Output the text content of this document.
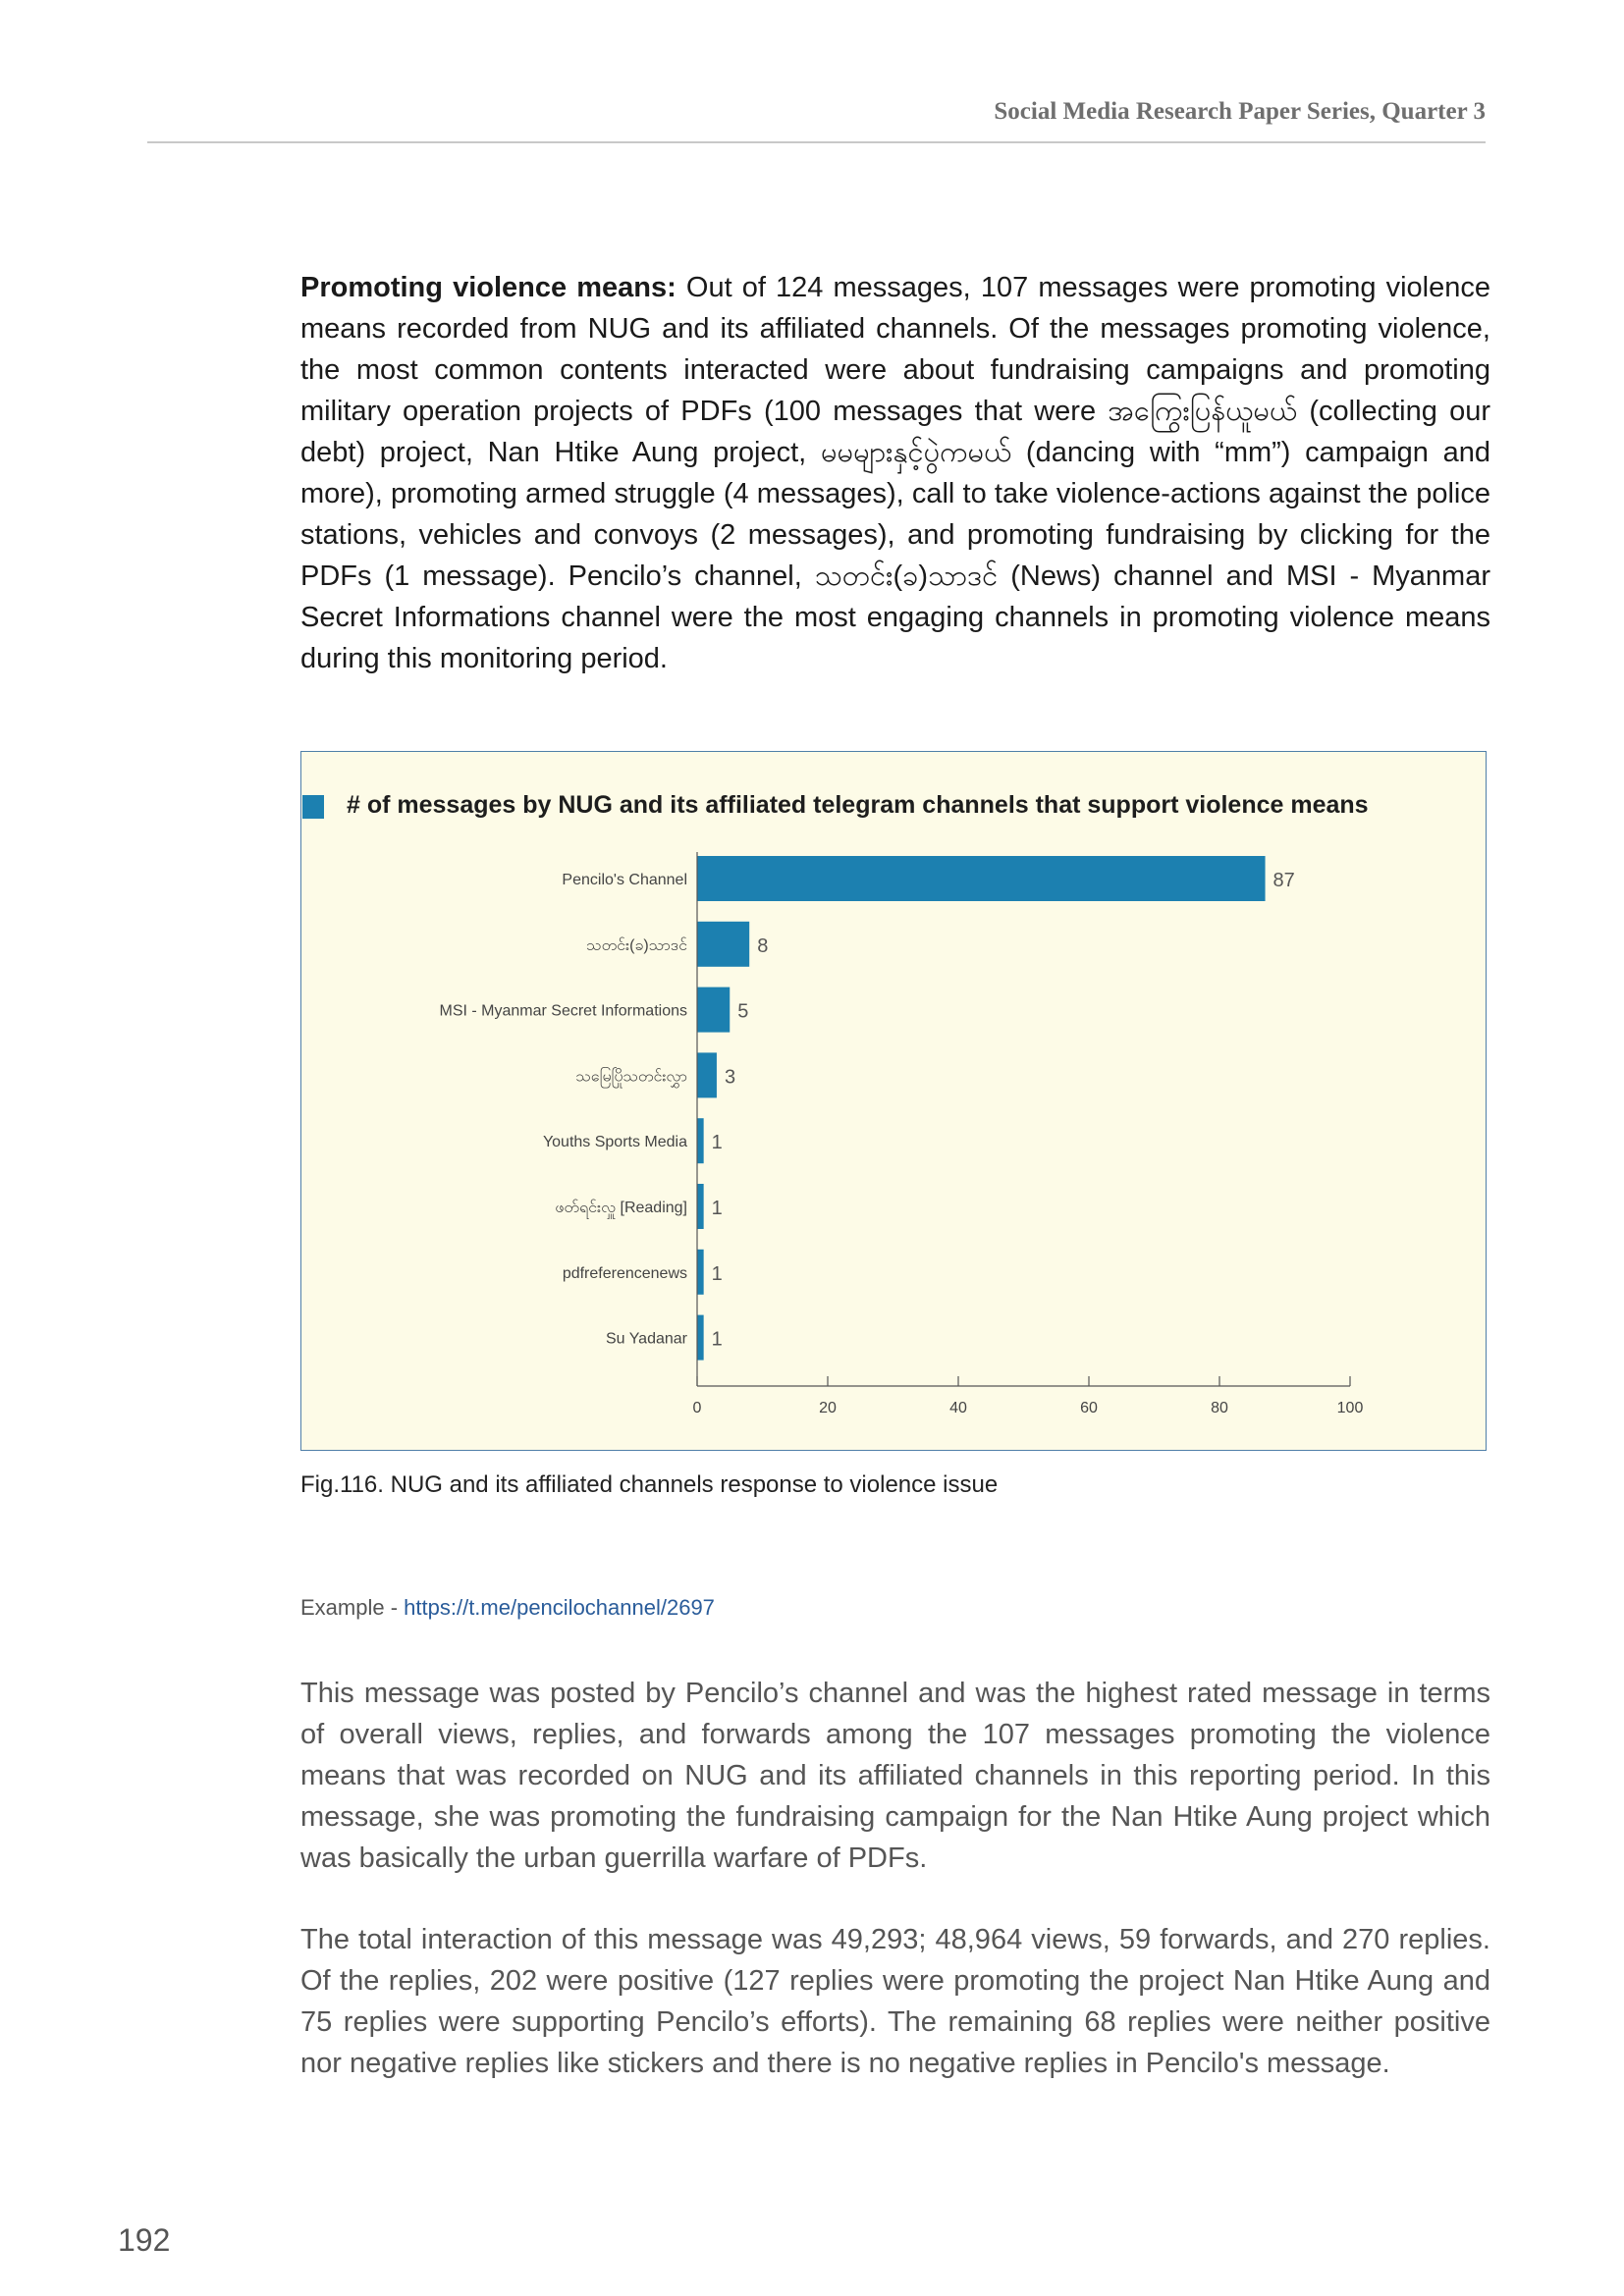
Social Media Research Paper Series, Quarter 3

Promoting violence means: Out of 124 messages, 107 messages were promoting violence means recorded from NUG and its affiliated channels. Of the messages promoting violence, the most common contents interacted were about fundraising campaigns and promoting military operation projects of PDFs (100 messages that were အကြွေးပြန်ယူမယ် (collecting our debt) project, Nan Htike Aung project, မမများနှင့်ပွဲကမယ် (dancing with “mm”) campaign and more), promoting armed struggle (4 messages), call to take violence-actions against the police stations, vehicles and convoys (2 messages), and promoting fundraising by clicking for the PDFs (1 message). Pencilo’s channel, သတင်း(ခ)သာဒင် (News) channel and MSI - Myanmar Secret Informations channel were the most engaging channels in promoting violence means during this monitoring period.

# of messages by NUG and its affiliated telegram channels that support violence means
Pencilo's Channel	87
သတင်း(ခ)သာဒင်	8
MSI - Myanmar Secret Informations	5
သမြေပြိုသတင်းလွှာ 3
Youths Sports Media 1
ဖတ်ရင်းလှူ [Reading] 1
pdfreferencenews 1
Su Yadanar 1
0	20	40	60	80	100
Fig.116. NUG and its affiliated channels response to violence issue
Example - https://t.me/pencilochannel/2697

This message was posted by Pencilo’s channel and was the highest rated message in terms of overall views, replies, and forwards among the 107 messages promoting the violence means that was recorded on NUG and its affiliated channels in this reporting period. In this message, she was promoting the fundraising campaign for the Nan Htike Aung project which was basically the urban guerrilla warfare of PDFs.

The total interaction of this message was 49,293; 48,964 views, 59 forwards, and 270 replies. Of the replies, 202 were positive (127 replies were promoting the project Nan Htike Aung and 75 replies were supporting Pencilo’s efforts). The remaining 68 replies were neither positive nor negative replies like stickers and there is no negative replies in Pencilo's message.

192
